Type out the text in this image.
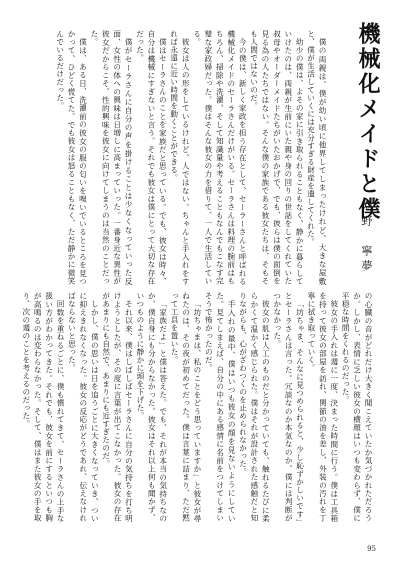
機械化メイドと僕
刈野　寧夢

僕の両親は、僕が幼い頃に他界してしまったけれど、大きな屋敷と、僕が生活していくには充分すぎる財産を遺してくれた。

幼少の僕は、よその家に引き取られることもなく、静かに暮らしていけたのは、両親が生前にいた親や身の回りの世話をしてくれていた叔母やオーダーメイドたちがいたおかげで、でも、彼らは僕の面倒を見る為の人たちではない。そんな僕の家族である彼女たちは、そもそも人間ではないのだ。

今の僕は、新しく家政を担う存在として、セーラーさんと呼ばれる機械化メイドのセーラさんだけがいる。セーラさんは料理の腕前はもちろん、掃除や洗濯、そして知識量や考えることもなんでもこなす完璧な家政婦だった。僕はそんな彼女の力を借りて、一人で生活している。

彼女は人の形をしているけれど、人ではない。ちゃんと手入れをすれば永遠に近い時間を動くことができる。

僕はセーラさんのことを家族だと思っている。でも、彼女は時々、自分は機械にすぎないと言う。それでも彼女は僕にとって大切な存在だった。

僕がセーラさんに自分の声を掛けることは少なくなっていった反面、女性の体への興味は日増しに高まっていった。一番身近な異性が彼女だからこそ、性的興味を彼女に向けてしまうのは当然のことだった。

僕は、ある日、洗濯前の彼女の服の匂いを嗅いでいるところを見つかって、ひどく慌てた。でも彼女は怒ることもなく、ただ静かに微笑んでいるだけだった。

の心臓の音がどれだけ大きく聞こえていたか気づかれただろうか。しかし、表情に乏しい彼女の横顔はいつも変わらず、僕に平穏な時間をくれるのだった。

彼女の手入れは週に一度、決まった時間に行う。僕は工具箱を持って彼女の部屋を訪れ、関節の油を差し、外装の汚れを丁寧に拭き取っていく。

「坊ちゃま、そんなに見つめられると、少し恥ずかしいです」とセーラさんは言った。冗談なのか本気なのか、僕には判断がつかなかった。

彼女の肌は人工のものだと分かっていても、触れるたびに柔らかくて温かく感じられた。僕はそれが設計された感触だと知りながらも、心がざわつくのを止められなかった。

手入れの最中、僕はいつも彼女の顔を見ないようにしていた。見てしまえば、自分の中にある感情に名前をつけてしまいそうで怖かったのだ。

「坊ちゃまは、私のことをどう思っていますか」と彼女が尋ねたのは、その夜が初めてだった。僕は言葉に詰まり、ただ黙って工具を置いた。

「家族だよ」と僕は答えた。でも、それが本当の気持ちなのか、僕自身にも分からなかった。彼女はそれ以上何も聞かず、いつものように静かに頭を下げた。

それ以来、僕はしばしばセーラさんに自分の気持ちを打ち明けようとしたが、その度に言葉が出てこなかった。彼女の存在があまりにも自然で、あまりにも近すぎたのだ。

しかし、僕の思いは日を追うごとに大きくなっていき、ついに抑えきれなくなった。彼女の反応がどうであれ、伝えなければならないと思った。

回数を重ねるごとに、僕も慣れてきて、セーラさんの上手な扱い方がわかってきた。それでも、彼女を前にするといつも胸が高鳴るのは変わらなかった。そして、僕はまた彼女の手を取り、次の週のことを考えるのだった。

95
